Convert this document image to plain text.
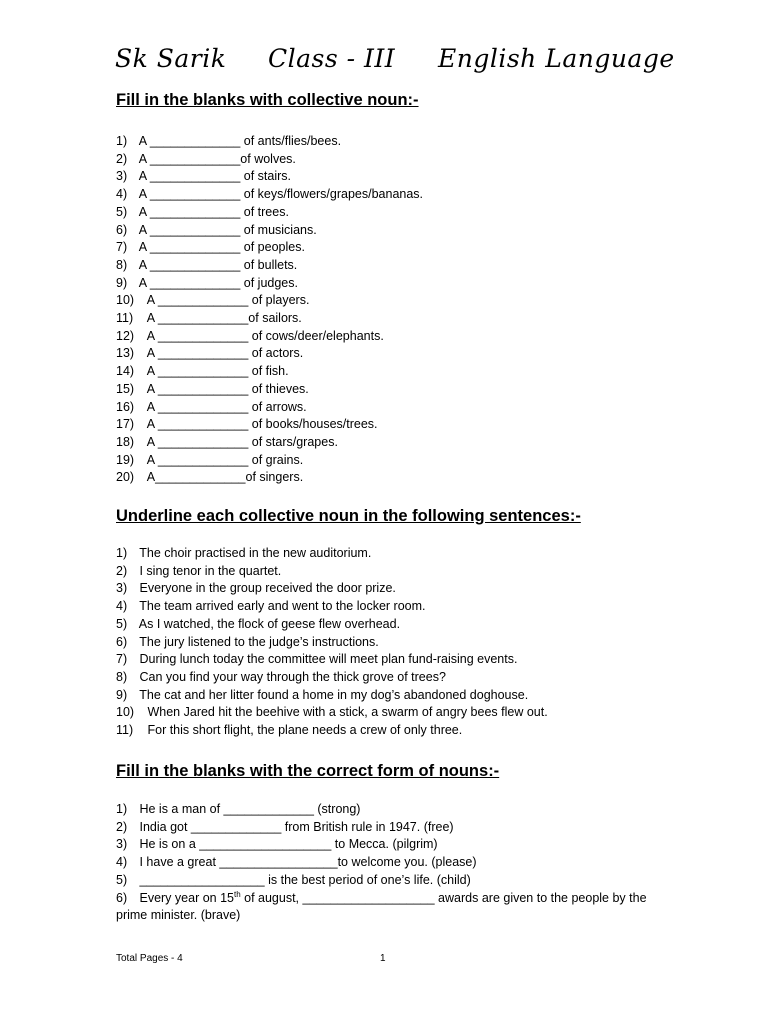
Sk Sarik Class - III English Language
Fill in the blanks with collective noun:-
1) A _____________ of ants/flies/bees.
2) A _____________of wolves.
3) A _____________ of stairs.
4) A _____________ of keys/flowers/grapes/bananas.
5) A _____________ of trees.
6) A _____________ of musicians.
7) A _____________ of peoples.
8) A _____________ of bullets.
9) A _____________ of judges.
10) A _____________ of players.
11) A _____________of sailors.
12) A _____________ of cows/deer/elephants.
13) A _____________ of actors.
14) A _____________ of fish.
15) A _____________ of thieves.
16) A _____________ of arrows.
17) A _____________ of books/houses/trees.
18) A _____________ of stars/grapes.
19) A _____________ of grains.
20) A_____________of singers.
Underline each collective noun in the following sentences:-
1) The choir practised in the new auditorium.
2) I sing tenor in the quartet.
3) Everyone in the group received the door prize.
4) The team arrived early and went to the locker room.
5) As I watched, the flock of geese flew overhead.
6) The jury listened to the judge’s instructions.
7) During lunch today the committee will meet plan fund-raising events.
8) Can you find your way through the thick grove of trees?
9) The cat and her litter found a home in my dog’s abandoned doghouse.
10) When Jared hit the beehive with a stick, a swarm of angry bees flew out.
11) For this short flight, the plane needs a crew of only three.
Fill in the blanks with the correct form of nouns:-
1) He is a man of _____________ (strong)
2) India got _____________ from British rule in 1947. (free)
3) He is on a ___________________ to Mecca. (pilgrim)
4) I have a great _________________to welcome you. (please)
5) __________________ is the best period of one’s life. (child)
6) Every year on 15th of august, ___________________ awards are given to the people by the prime minister. (brave)
Total Pages - 4	1
